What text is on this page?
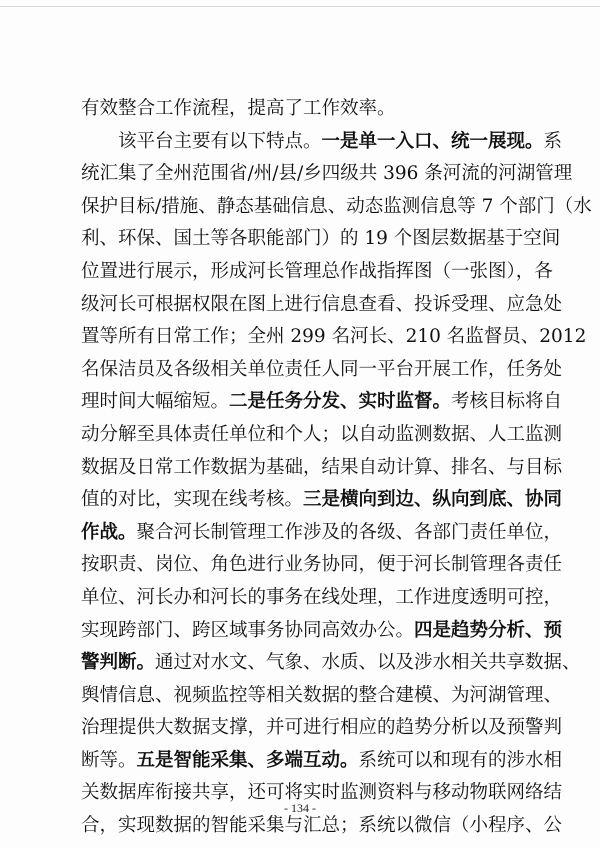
有效整合工作流程，提高了工作效率。
该平台主要有以下特点。一是单一入口、统一展现。系
统汇集了全州范围省/州/县/乡四级共 396 条河流的河湖管理
保护目标/措施、静态基础信息、动态监测信息等 7 个部门（水
利、环保、国土等各职能部门）的 19 个图层数据基于空间
位置进行展示，形成河长管理总作战指挥图（一张图），各
级河长可根据权限在图上进行信息查看、投诉受理、应急处
置等所有日常工作；全州 299 名河长、210 名监督员、2012
名保洁员及各级相关单位责任人同一平台开展工作，任务处
理时间大幅缩短。二是任务分发、实时监督。考核目标将自
动分解至具体责任单位和个人；以自动监测数据、人工监测
数据及日常工作数据为基础，结果自动计算、排名、与目标
值的对比，实现在线考核。三是横向到边、纵向到底、协同
作战。聚合河长制管理工作涉及的各级、各部门责任单位，
按职责、岗位、角色进行业务协同，便于河长制管理各责任
单位、河长办和河长的事务在线处理，工作进度透明可控，
实现跨部门、跨区域事务协同高效办公。四是趋势分析、预
警判断。通过对水文、气象、水质、以及涉水相关共享数据、
舆情信息、视频监控等相关数据的整合建模、为河湖管理、
治理提供大数据支撑，并可进行相应的趋势分析以及预警判
断等。五是智能采集、多端互动。系统可以和现有的涉水相
关数据库衔接共享，还可将实时监测资料与移动物联网络结
合，实现数据的智能采集与汇总；系统以微信（小程序、公
- 134 -
